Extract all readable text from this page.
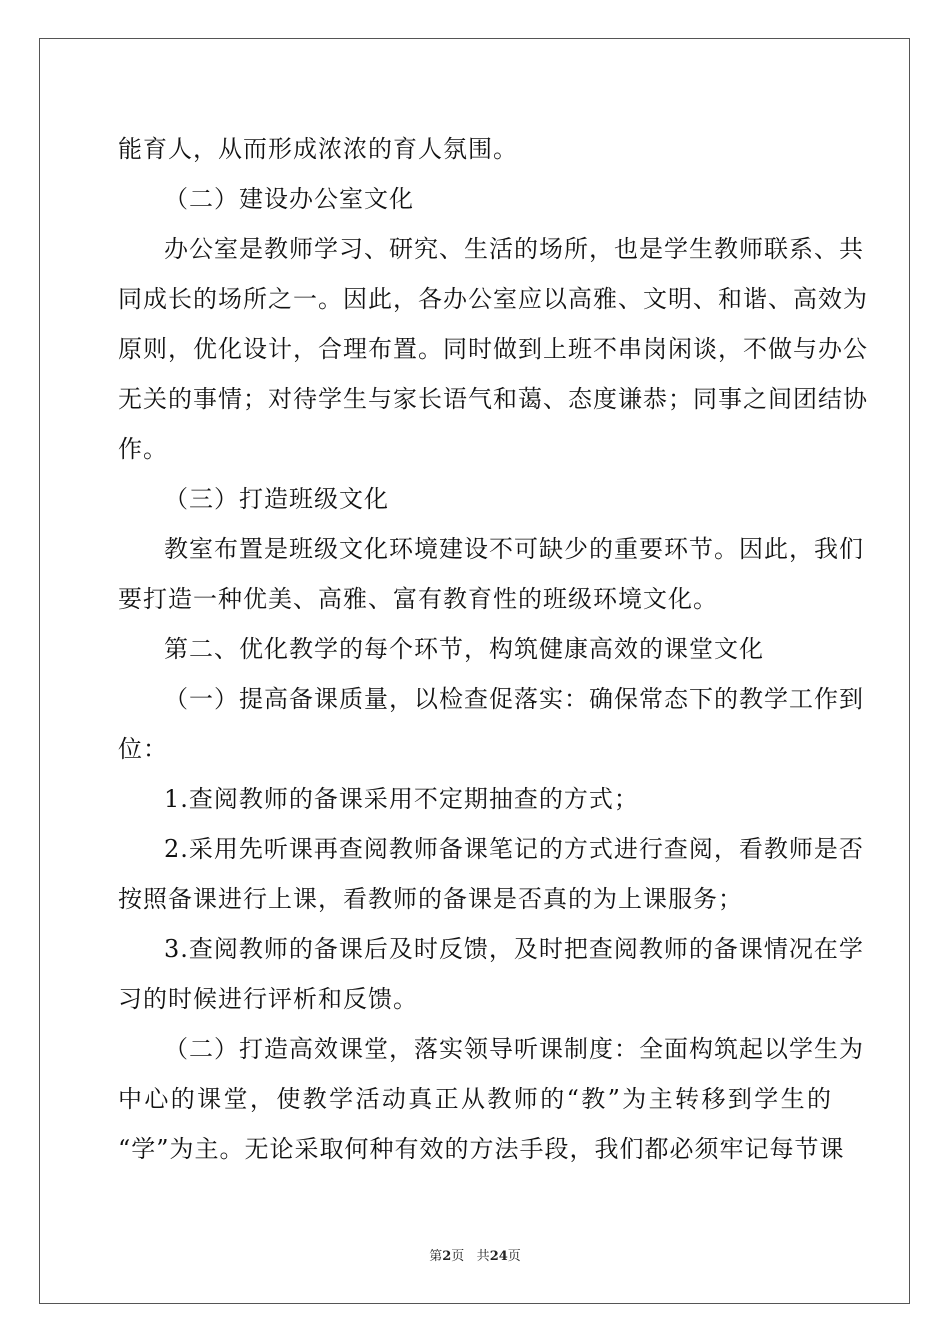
能育人，从而形成浓浓的育人氛围。
（二）建设办公室文化
办公室是教师学习、研究、生活的场所，也是学生教师联系、共
同成长的场所之一。因此，各办公室应以高雅、文明、和谐、高效为
原则，优化设计，合理布置。同时做到上班不串岗闲谈，不做与办公
无关的事情；对待学生与家长语气和蔼、态度谦恭；同事之间团结协
作。
（三）打造班级文化
教室布置是班级文化环境建设不可缺少的重要环节。因此，我们
要打造一种优美、高雅、富有教育性的班级环境文化。
第二、优化教学的每个环节，构筑健康高效的课堂文化
（一）提高备课质量，以检查促落实：确保常态下的教学工作到
位：
1.查阅教师的备课采用不定期抽查的方式；
2.采用先听课再查阅教师备课笔记的方式进行查阅，看教师是否
按照备课进行上课，看教师的备课是否真的为上课服务；
3.查阅教师的备课后及时反馈，及时把查阅教师的备课情况在学
习的时候进行评析和反馈。
（二）打造高效课堂，落实领导听课制度：全面构筑起以学生为
中心的课堂，使教学活动真正从教师的“教”为主转移到学生的
“学”为主。无论采取何种有效的方法手段，我们都必须牢记每节课
第2页 共24页
